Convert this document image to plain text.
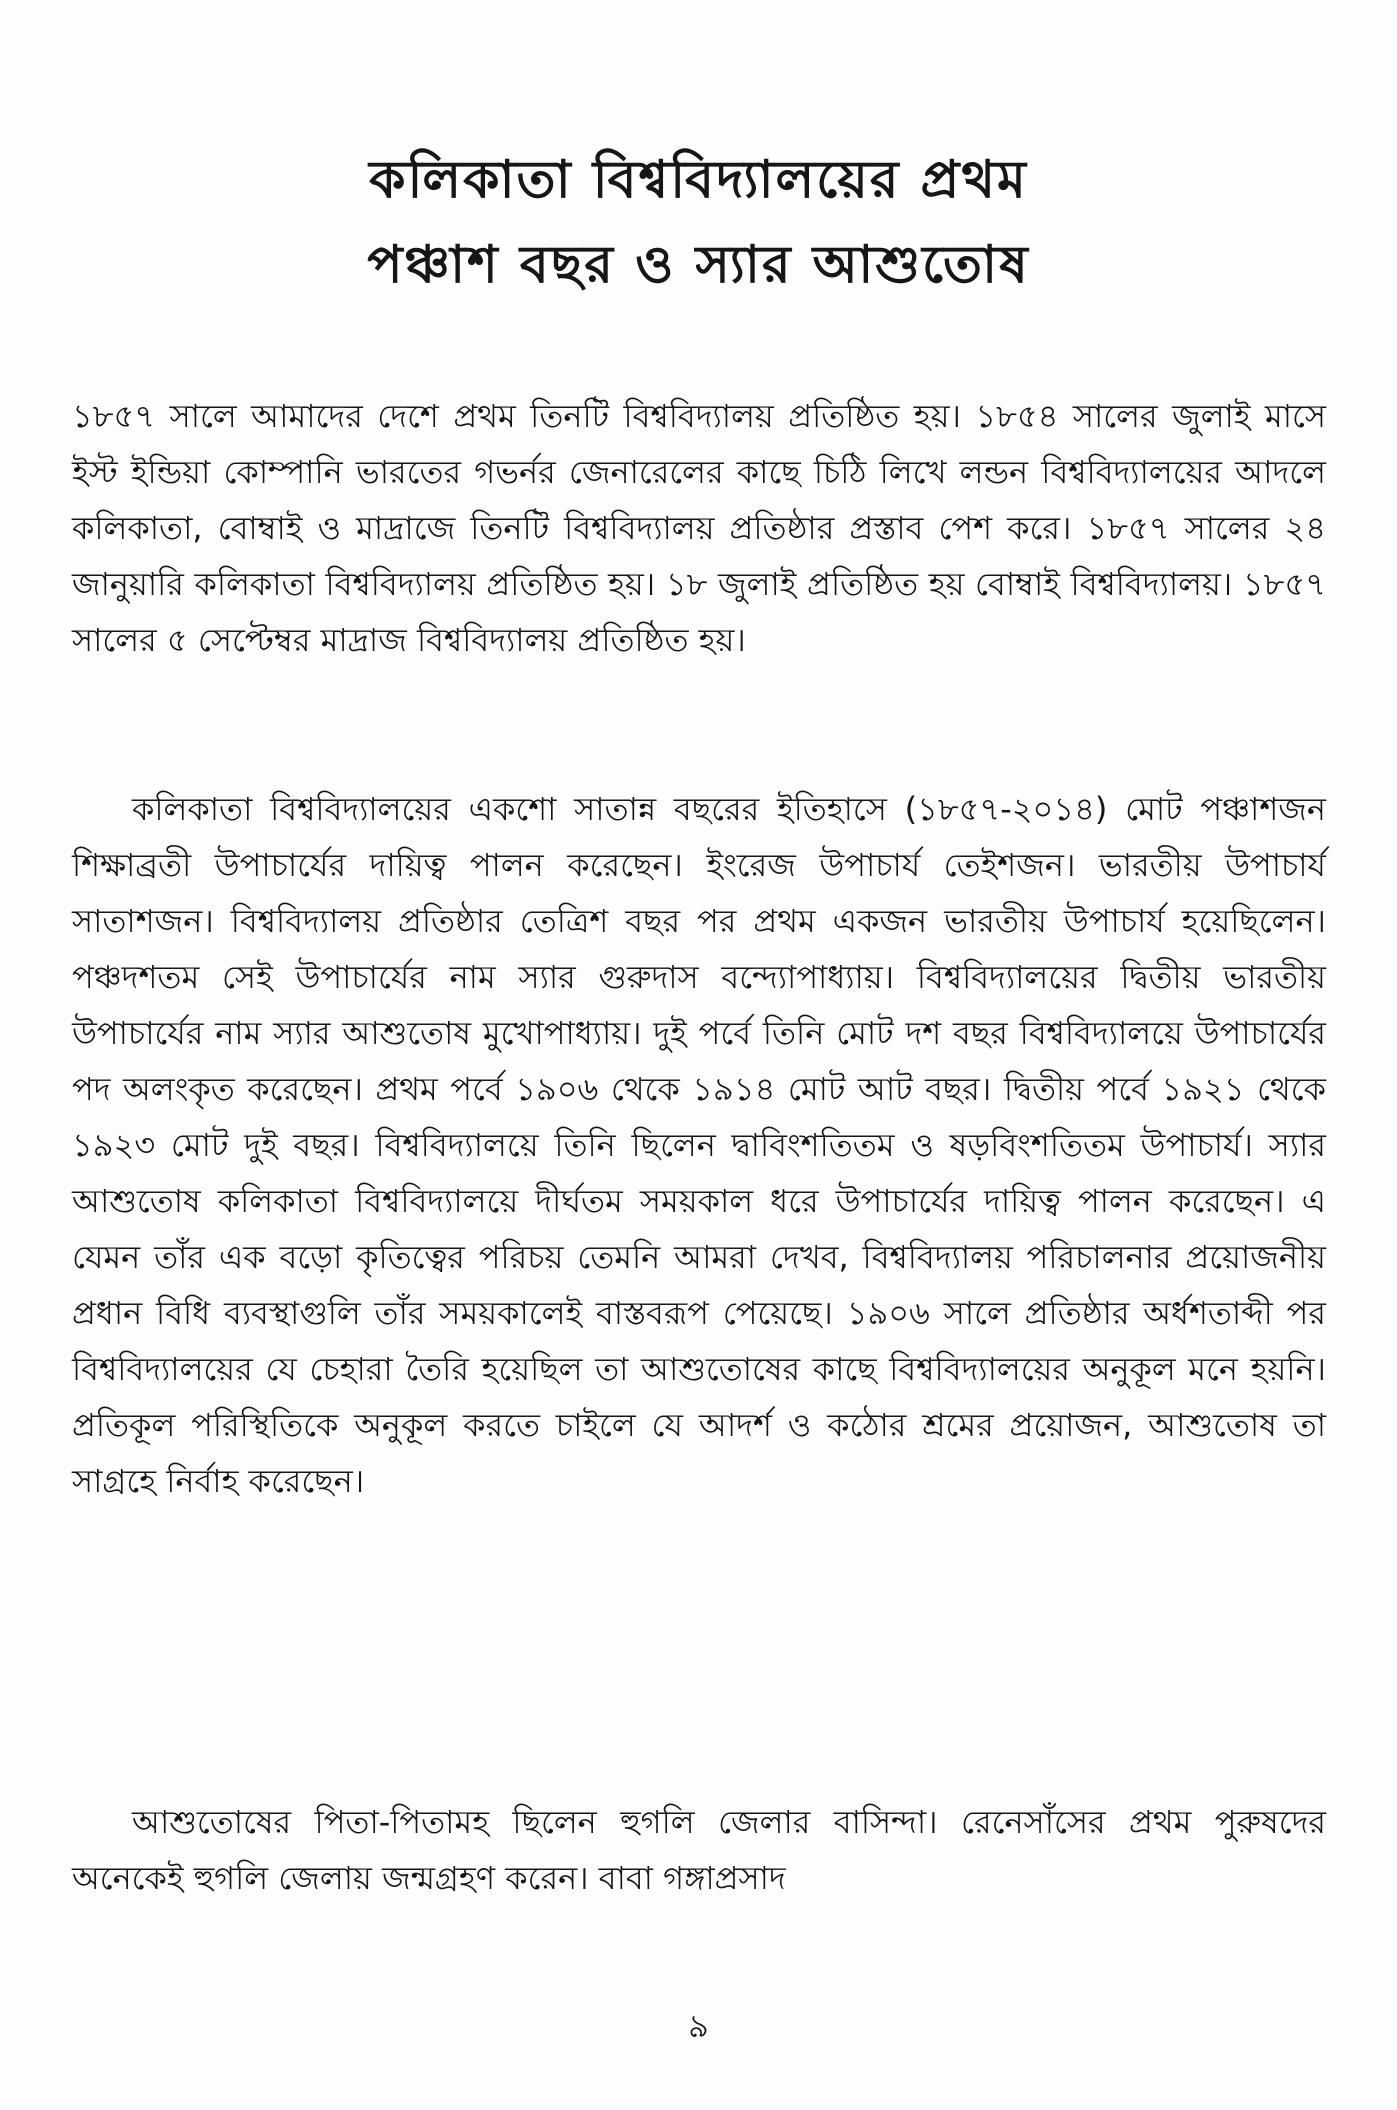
কলিকাতা বিশ্ববিদ্যালয়ের প্রথম
পঞ্চাশ বছর ও স্যার আশুতোষ

১৮৫৭ সালে আমাদের দেশে প্রথম তিনটি বিশ্ববিদ্যালয় প্রতিষ্ঠিত হয়। ১৮৫৪ সালের জুলাই মাসে ইস্ট ইন্ডিয়া কোম্পানি ভারতের গভর্নর জেনারেলের কাছে চিঠি লিখে লন্ডন বিশ্ববিদ্যালয়ের আদলে কলিকাতা, বোম্বাই ও মাদ্রাজে তিনটি বিশ্ববিদ্যালয় প্রতিষ্ঠার প্রস্তাব পেশ করে। ১৮৫৭ সালের ২৪ জানুয়ারি কলিকাতা বিশ্ববিদ্যালয় প্রতিষ্ঠিত হয়। ১৮ জুলাই প্রতিষ্ঠিত হয় বোম্বাই বিশ্ববিদ্যালয়। ১৮৫৭ সালের ৫ সেপ্টেম্বর মাদ্রাজ বিশ্ববিদ্যালয় প্রতিষ্ঠিত হয়।

কলিকাতা বিশ্ববিদ্যালয়ের একশো সাতান্ন বছরের ইতিহাসে (১৮৫৭-২০১৪) মোট পঞ্চাশজন শিক্ষাব্রতী উপাচার্যের দায়িত্ব পালন করেছেন। ইংরেজ উপাচার্য তেইশজন। ভারতীয় উপাচার্য সাতাশজন। বিশ্ববিদ্যালয় প্রতিষ্ঠার তেত্রিশ বছর পর প্রথম একজন ভারতীয় উপাচার্য হয়েছিলেন। পঞ্চদশতম সেই উপাচার্যের নাম স্যার গুরুদাস বন্দ্যোপাধ্যায়। বিশ্ববিদ্যালয়ের দ্বিতীয় ভারতীয় উপাচার্যের নাম স্যার আশুতোষ মুখোপাধ্যায়। দুই পর্বে তিনি মোট দশ বছর বিশ্ববিদ্যালয়ে উপাচার্যের পদ অলংকৃত করেছেন। প্রথম পর্বে ১৯০৬ থেকে ১৯১৪ মোট আট বছর। দ্বিতীয় পর্বে ১৯২১ থেকে ১৯২৩ মোট দুই বছর। বিশ্ববিদ্যালয়ে তিনি ছিলেন দ্বাবিংশতিতম ও ষড়বিংশতিতম উপাচার্য। স্যার আশুতোষ কলিকাতা বিশ্ববিদ্যালয়ে দীর্ঘতম সময়কাল ধরে উপাচার্যের দায়িত্ব পালন করেছেন। এ যেমন তাঁর এক বড়ো কৃতিত্বের পরিচয় তেমনি আমরা দেখব, বিশ্ববিদ্যালয় পরিচালনার প্রয়োজনীয় প্রধান বিধি ব্যবস্থাগুলি তাঁর সময়কালেই বাস্তবরূপ পেয়েছে। ১৯০৬ সালে প্রতিষ্ঠার অর্ধশতাব্দী পর বিশ্ববিদ্যালয়ের যে চেহারা তৈরি হয়েছিল তা আশুতোষের কাছে বিশ্ববিদ্যালয়ের অনুকূল মনে হয়নি। প্রতিকূল পরিস্থিতিকে অনুকূল করতে চাইলে যে আদর্শ ও কঠোর শ্রমের প্রয়োজন, আশুতোষ তা সাগ্রহে নির্বাহ করেছেন।

আশুতোষের পিতা-পিতামহ ছিলেন হুগলি জেলার বাসিন্দা। রেনেসাঁসের প্রথম পুরুষদের অনেকেই হুগলি জেলায় জন্মগ্রহণ করেন। বাবা গঙ্গাপ্রসাদ

৯
